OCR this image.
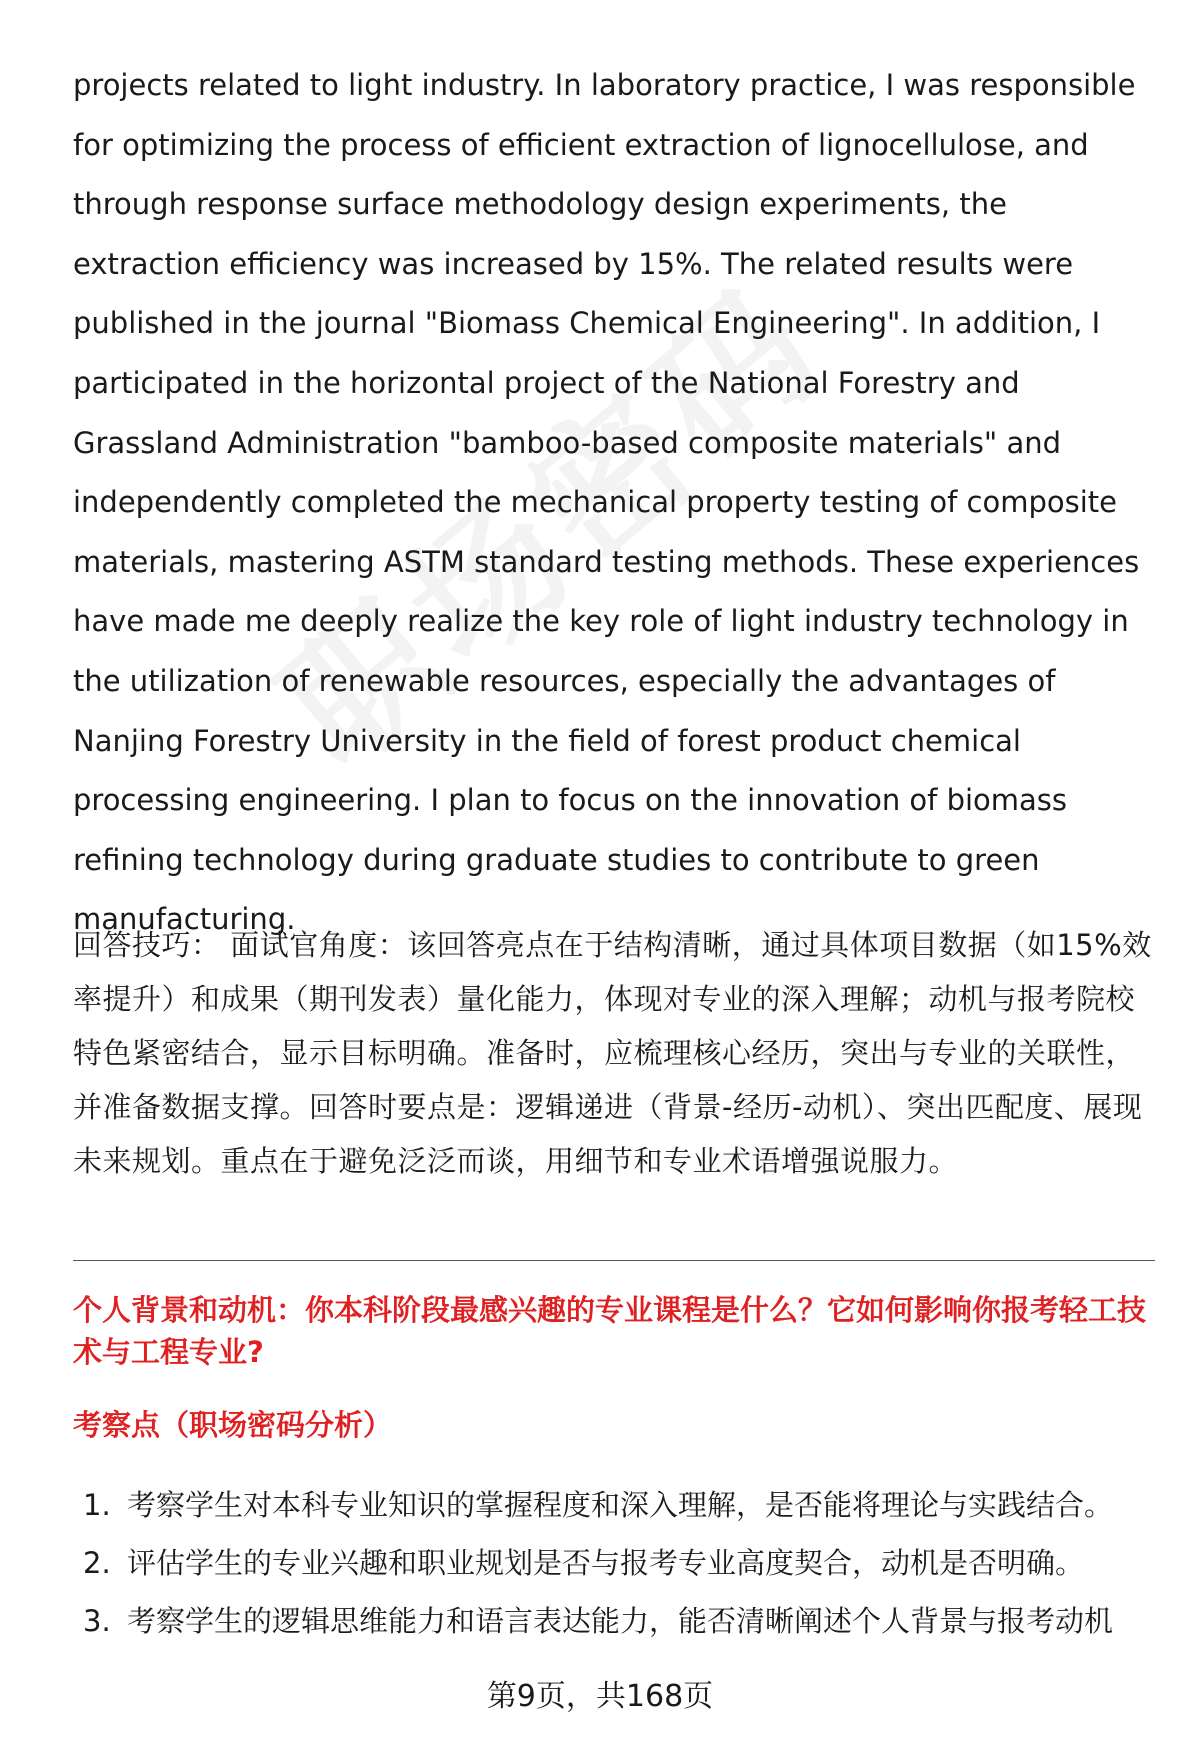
projects related to light industry. In laboratory practice, I was responsible for optimizing the process of efficient extraction of lignocellulose, and through response surface methodology design experiments, the extraction efficiency was increased by 15%. The related results were published in the journal "Biomass Chemical Engineering". In addition, I participated in the horizontal project of the National Forestry and Grassland Administration "bamboo-based composite materials" and independently completed the mechanical property testing of composite materials, mastering ASTM standard testing methods. These experiences have made me deeply realize the key role of light industry technology in the utilization of renewable resources, especially the advantages of Nanjing Forestry University in the field of forest product chemical processing engineering. I plan to focus on the innovation of biomass refining technology during graduate studies to contribute to green manufacturing.

回答技巧： 面试官角度：该回答亮点在于结构清晰，通过具体项目数据（如15%效率提升）和成果（期刊发表）量化能力，体现对专业的深入理解；动机与报考院校特色紧密结合，显示目标明确。准备时，应梳理核心经历，突出与专业的关联性，并准备数据支撑。回答时要点是：逻辑递进（背景-经历-动机）、突出匹配度、展现未来规划。重点在于避免泛泛而谈，用细节和专业术语增强说服力。

个人背景和动机：你本科阶段最感兴趣的专业课程是什么？它如何影响你报考轻工技术与工程专业?

考察点（职场密码分析）

1. 考察学生对本科专业知识的掌握程度和深入理解，是否能将理论与实践结合。
2. 评估学生的专业兴趣和职业规划是否与报考专业高度契合，动机是否明确。
3. 考察学生的逻辑思维能力和语言表达能力，能否清晰阐述个人背景与报考动机
第9页，共168页
